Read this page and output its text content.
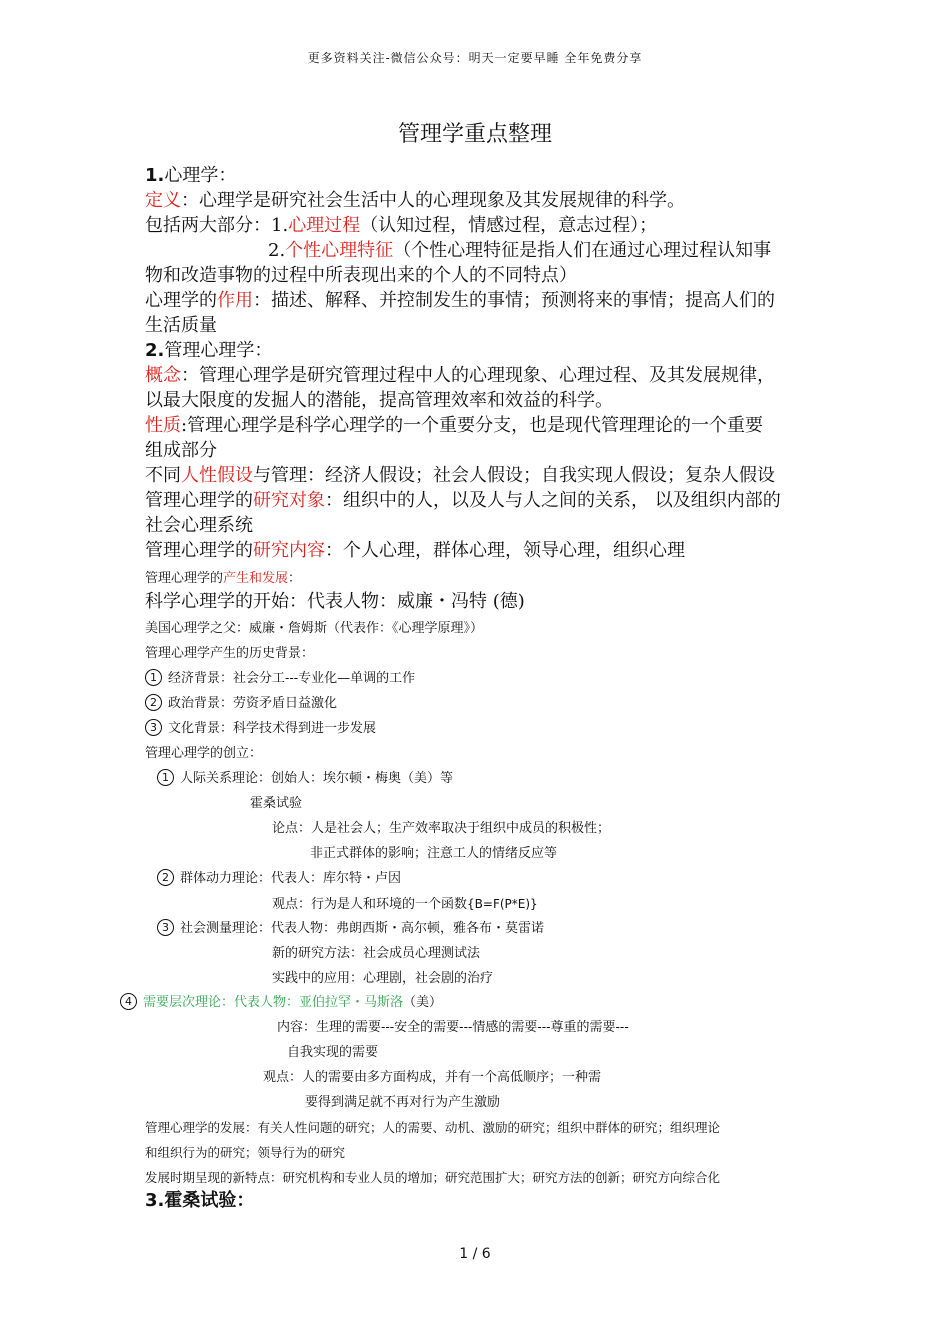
更多资料关注-微信公众号：明天一定要早睡 全年免费分享
管理学重点整理
1.心理学：
定义：心理学是研究社会生活中人的心理现象及其发展规律的科学。
包括两大部分：1.心理过程（认知过程，情感过程，意志过程）；
2.个性心理特征（个性心理特征是指人们在通过心理过程认知事
物和改造事物的过程中所表现出来的个人的不同特点）
心理学的作用：描述、解释、并控制发生的事情；预测将来的事情；提高人们的
生活质量
2.管理心理学：
概念：管理心理学是研究管理过程中人的心理现象、心理过程、及其发展规律，
以最大限度的发掘人的潜能，提高管理效率和效益的科学。
性质:管理心理学是科学心理学的一个重要分支，也是现代管理理论的一个重要
组成部分
不同人性假设与管理：经济人假设；社会人假设；自我实现人假设；复杂人假设
管理心理学的研究对象：组织中的人，以及人与人之间的关系， 以及组织内部的
社会心理系统
管理心理学的研究内容：个人心理，群体心理，领导心理，组织心理
管理心理学的产生和发展：
科学心理学的开始：代表人物：威廉・冯特 (德)
美国心理学之父：威廉・詹姆斯（代表作：《心理学原理》）
管理心理学产生的历史背景：
1 经济背景：社会分工---专业化—单调的工作
2 政治背景：劳资矛盾日益激化
3 文化背景：科学技术得到进一步发展
管理心理学的创立：
1 人际关系理论：创始人：埃尔顿・梅奥（美）等
霍桑试验
论点：人是社会人；生产效率取决于组织中成员的积极性；
非正式群体的影响；注意工人的情绪反应等
2 群体动力理论：代表人：库尔特・卢因
观点：行为是人和环境的一个函数{B=F(P*E)}
3 社会测量理论：代表人物：弗朗西斯・高尔顿，雅各布・莫雷诺
新的研究方法：社会成员心理测试法
实践中的应用：心理剧，社会剧的治疗
4 需要层次理论：代表人物：亚伯拉罕・马斯洛（美）
内容：生理的需要---安全的需要---情感的需要---尊重的需要---
自我实现的需要
观点：人的需要由多方面构成，并有一个高低顺序；一种需
要得到满足就不再对行为产生激励
管理心理学的发展：有关人性问题的研究；人的需要、动机、激励的研究；组织中群体的研究；组织理论
和组织行为的研究；领导行为的研究
发展时期呈现的新特点：研究机构和专业人员的增加；研究范围扩大；研究方法的创新；研究方向综合化
3.霍桑试验：
1 / 6
